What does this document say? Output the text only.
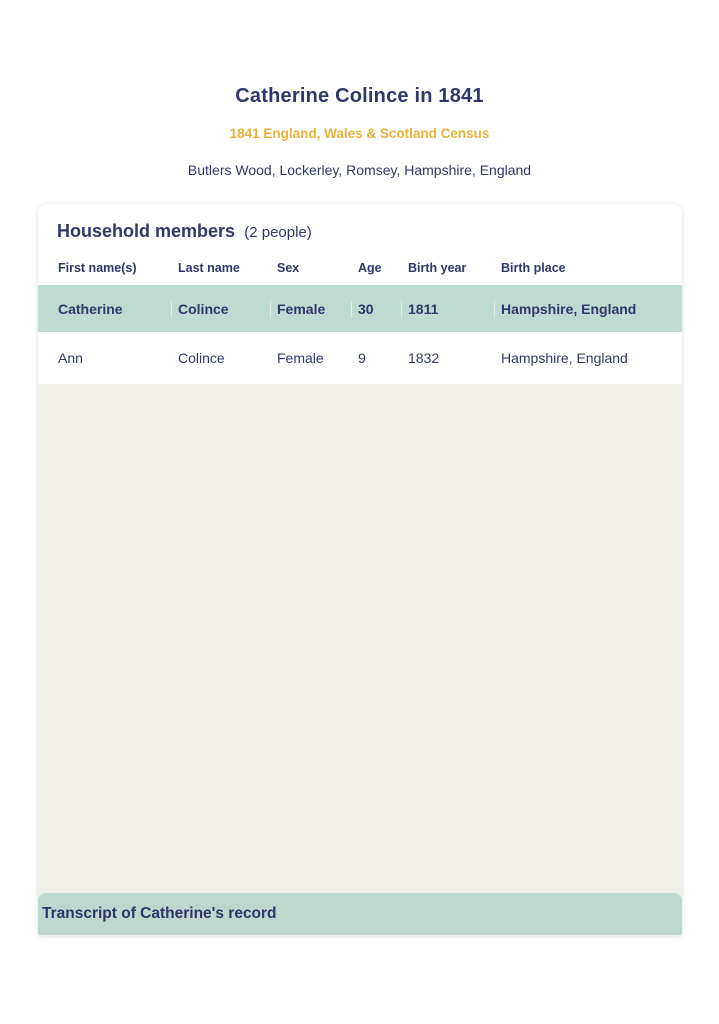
Catherine Colince in 1841
1841 England, Wales & Scotland Census
Butlers Wood, Lockerley, Romsey, Hampshire, England
Household members (2 people)
First name(s)	Last name	Sex	Age	Birth year	Birth place
Catherine	Colince	Female	30	1811	Hampshire, England
Ann	Colince	Female	9	1832	Hampshire, England
Transcript of Catherine's record
